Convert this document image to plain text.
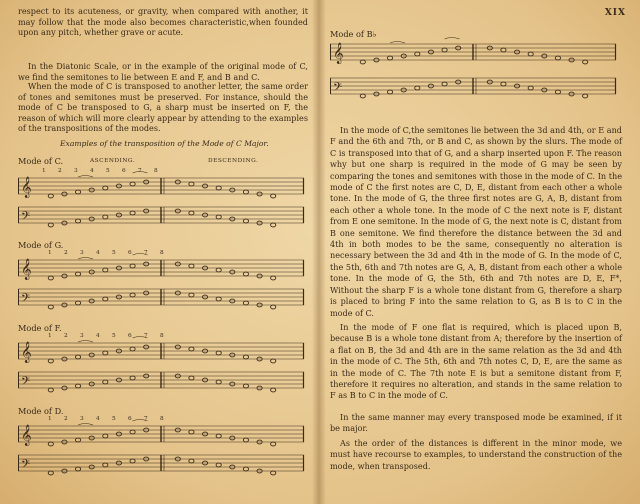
XIX

respect to its acuteness, or gravity, when compared with another, it may follow that the mode also becomes characteristic,when founded upon any pitch, whether grave or acute.

In the Diatonic Scale, or in the example of the original mode of C, we find the semitones to lie between E and F, and B and C.

When the mode of C is transposed to another letter, the same order of tones and semitones must be preserved. For instance, should the mode of C be transposed to G, a sharp must be inserted on F, the reason of which will more clearly appear by attending to the examples of the transpositions of the modes.

Examples of the transposition of the Mode of C Major.

Mode of C.	ASCENDING.	DESCENDING.
1 2 3 4 5 6 7 8
𝄞
𝄢

Mode of G.

1 2 3 4 5 6 7 8
𝄞
𝄢

Mode of F.

1 2 3 4 5 6 7 8
𝄞
𝄢

Mode of D.

1 2 3 4 5 6 7 8
𝄞
𝄢

Mode of B♭

𝄞
𝄢

In the mode of C,the semitones lie between the 3d and 4th, or E and F and the 6th and 7th, or B and C, as shown by the slurs. The mode of C is transposed into that of G, and a sharp inserted upon F. The reason why but one sharp is required in the mode of G may be seen by comparing the tones and semitones with those in the mode of C. In the mode of C the first notes are C, D, E, distant from each other a whole tone. In the mode of G, the three first notes are G, A, B, distant from each other a whole tone. In the mode of C the next note is F, distant from E one semitone. In the mode of G, the next note is C, distant from B one semitone. We find therefore the distance between the 3d and 4th in both modes to be the same, consequently no alteration is necessary between the 3d and 4th in the mode of G. In the mode of C, the 5th, 6th and 7th notes are G, A, B, distant from each other a whole tone. In the mode of G, the 5th, 6th and 7th notes are D, E, F*, Without the sharp F is a whole tone distant from G, therefore a sharp is placed to bring F into the same relation to G, as B is to C in the mode of C.

In the mode of F one flat is required, which is placed upon B, because B is a whole tone distant from A; therefore by the insertion of a flat on B, the 3d and 4th are in the same relation as the 3d and 4th in the mode of C. The 5th, 6th and 7th notes C, D, E, are the same as in the mode of C. The 7th note E is but a semitone distant from F, therefore it requires no alteration, and stands in the same relation to F as B to C in the mode of C.

In the same manner may every transposed mode be examined, if it be major.

As the order of the distances is different in the minor mode, we must have recourse to examples, to understand the construction of the mode, when transposed.
